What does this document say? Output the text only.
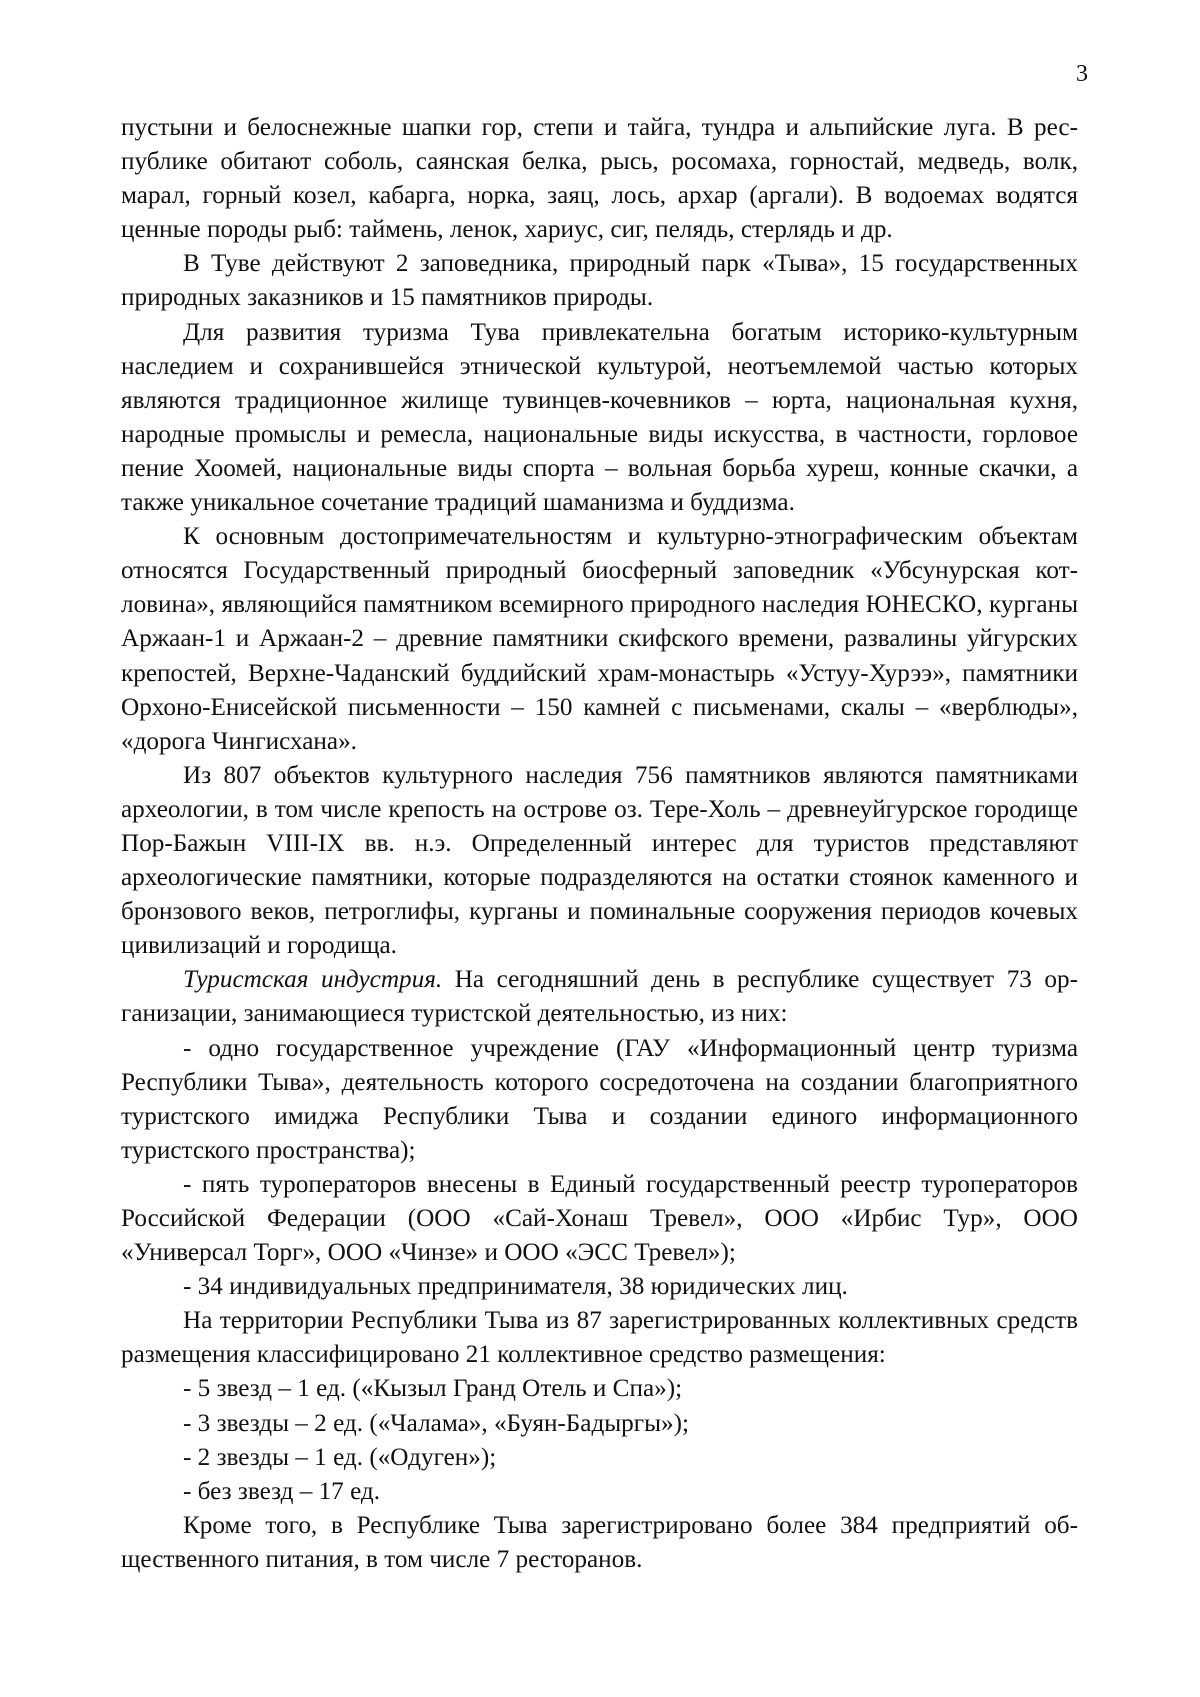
3

пустыни и белоснежные шапки гор, степи и тайга, тундра и альпийские луга. В республике обитают соболь, саянская белка, рысь, росомаха, горностай, медведь, волк, марал, горный козел, кабарга, норка, заяц, лось, архар (аргали). В водоемах водятся ценные породы рыб: таймень, ленок, хариус, сиг, пелядь, стерлядь и др.

В Туве действуют 2 заповедника, природный парк «Тыва», 15 государственных природных заказников и 15 памятников природы.

Для развития туризма Тува привлекательна богатым историко-культурным наследием и сохранившейся этнической культурой, неотъемлемой частью которых являются традиционное жилище тувинцев-кочевников – юрта, национальная кухня, народные промыслы и ремесла, национальные виды искусства, в частности, горловое пение Хоомей, национальные виды спорта – вольная борьба хуреш, конные скачки, а также уникальное сочетание традиций шаманизма и буддизма.

К основным достопримечательностям и культурно-этнографическим объектам относятся Государственный природный биосферный заповедник «Убсунурская котловина», являющийся памятником всемирного природного наследия ЮНЕСКО, курганы Аржаан-1 и Аржаан-2 – древние памятники скифского времени, развалины уйгурских крепостей, Верхне-Чаданский буддийский храм-монастырь «Устуу-Хурээ», памятники Орхоно-Енисейской письменности – 150 камней с письменами, скалы – «верблюды», «дорога Чингисхана».

Из 807 объектов культурного наследия 756 памятников являются памятниками археологии, в том числе крепость на острове оз. Тере-Холь – древнеуйгурское городище Пор-Бажын VIII-IX вв. н.э. Определенный интерес для туристов представляют археологические памятники, которые подразделяются на остатки стоянок каменного и бронзового веков, петроглифы, курганы и поминальные сооружения периодов кочевых цивилизаций и городища.

Туристская индустрия. На сегодняшний день в республике существует 73 организации, занимающиеся туристской деятельностью, из них:

- одно государственное учреждение (ГАУ «Информационный центр туризма Республики Тыва», деятельность которого сосредоточена на создании благоприятного туристского имиджа Республики Тыва и создании единого информационного туристского пространства);

- пять туроператоров внесены в Единый государственный реестр туроператоров Российской Федерации (ООО «Сай-Хонаш Тревел», ООО «Ирбис Тур», ООО «Универсал Торг», ООО «Чинзе» и ООО «ЭСС Тревел»);

- 34 индивидуальных предпринимателя, 38 юридических лиц.

На территории Республики Тыва из 87 зарегистрированных коллективных средств размещения классифицировано 21 коллективное средство размещения:

- 5 звезд – 1 ед. («Кызыл Гранд Отель и Спа»);

- 3 звезды – 2 ед. («Чалама», «Буян-Бадыргы»);

- 2 звезды – 1 ед. («Одуген»);

- без звезд – 17 ед.

Кроме того, в Республике Тыва зарегистрировано более 384 предприятий общественного питания, в том числе 7 ресторанов.
